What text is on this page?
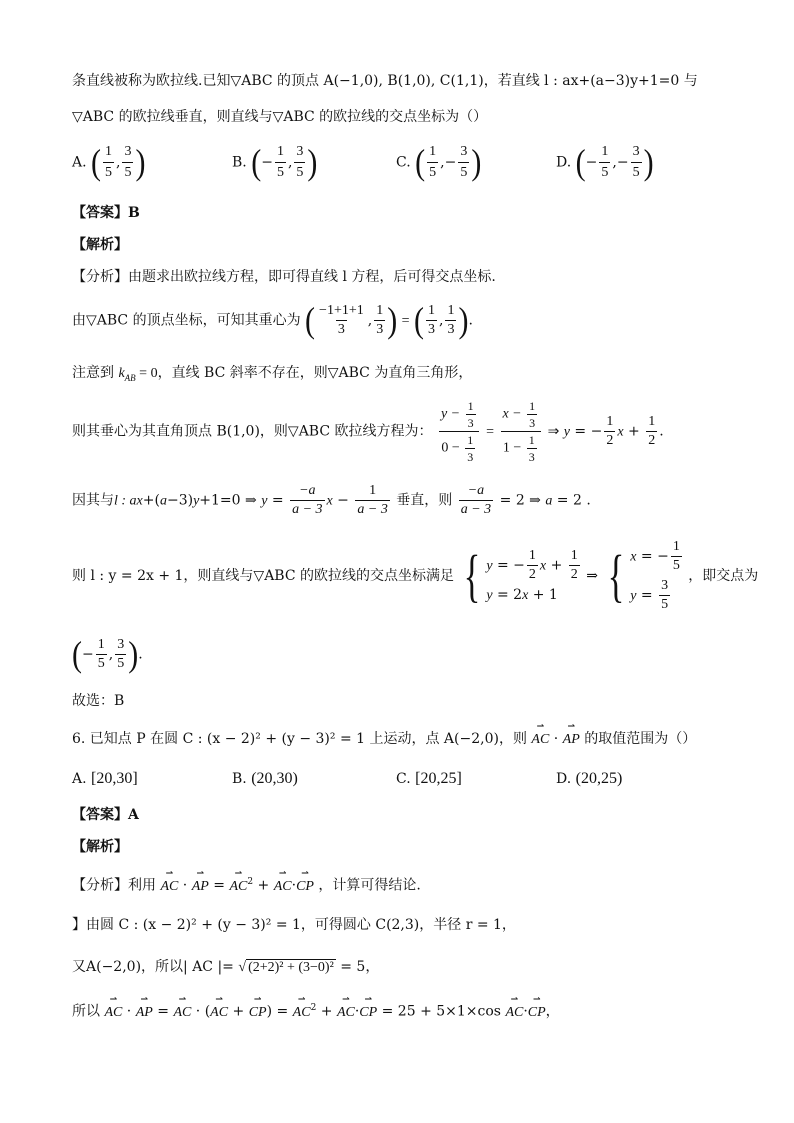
条直线被称为欧拉线.已知▽ABC 的顶点 A(−1,0), B(1,0), C(1,1)，若直线 l : ax+(a−3)y+1=0 与
▽ABC 的欧拉线垂直，则直线与▽ABC 的欧拉线的交点坐标为（）
A. ( $\frac{1}{5}$ , $\frac{3}{5}$ )	B. (− $\frac{1}{5}$ , $\frac{3}{5}$ )	C. ( $\frac{1}{5}$ ,− $\frac{3}{5}$ )	D. (− $\frac{1}{5}$ ,− $\frac{3}{5}$ )
【答案】B
【解析】
【分析】由题求出欧拉线方程，即可得直线 l 方程，后可得交点坐标.
由▽ABC 的顶点坐标，可知其重心为 ( $\frac{-1+1+1}{3}$ , $\frac{1}{3}$ ) = ( $\frac{1}{3}$ , $\frac{1}{3}$ ).
注意到 $k_{AB} = 0$，直线 BC 斜率不存在，则▽ABC 为直角三角形，
则其垂心为其直角顶点 B(1,0)，则▽ABC 欧拉线方程为： $\frac{y - \frac{1}{3}}{0 - \frac{1}{3}} = \frac{x - \frac{1}{3}}{1 - \frac{1}{3}}$ ⇒ y = − $\frac{1}{2}$ $x + \frac{1}{2}$ .
因其与l : ax+(a−3)y+1=0 ⇒ $y = \frac{-a}{a - 3}$ $x - \frac{1}{a - 3}$ 垂直，则 $\frac{-a}{a - 3} = 2$ ⇒ a = 2 .
则 l : y = 2x + 1，则直线与▽ABC 的欧拉线的交点坐标满足 { y = − $\frac{1}{2}$ $x + \frac{1}{2}$
y = 2x + 1
⇒ { x = − $\frac{1}{5}$
$y = \frac{3}{5}$
，即交点为
(− $\frac{1}{5}$ , $\frac{3}{5}$ ).
故选：B
6. 已知点 P 在圆 C : (x − 2)² + (y − 3)² = 1 上运动，点 A(−2,0)，则 ⇀ AC · ⇀ AP 的取值范围为（）
A. [20,30]	B. (20,30)	C. [20,25]	D. (20,25)
【答案】A
【解析】
【分析】利用 ⇀ AC · ⇀ AP = ⇀ $AC^2$ + ⇀ AC·⇀ CP ，计算可得结论.
】由圆 C : (x − 2)² + (y − 3)² = 1，可得圆心 C(2,3)，半径 r = 1，
又A(−2,0)，所以| AC |= √ (2+2)² + (3−0)² = 5，
所以 ⇀ AC · ⇀ AP = ⇀ AC · (⇀ AC + ⇀ CP) = ⇀ $AC^2$ + ⇀ AC·⇀ CP = 25 + 5×1×cos ⇀ AC·⇀ CP，
